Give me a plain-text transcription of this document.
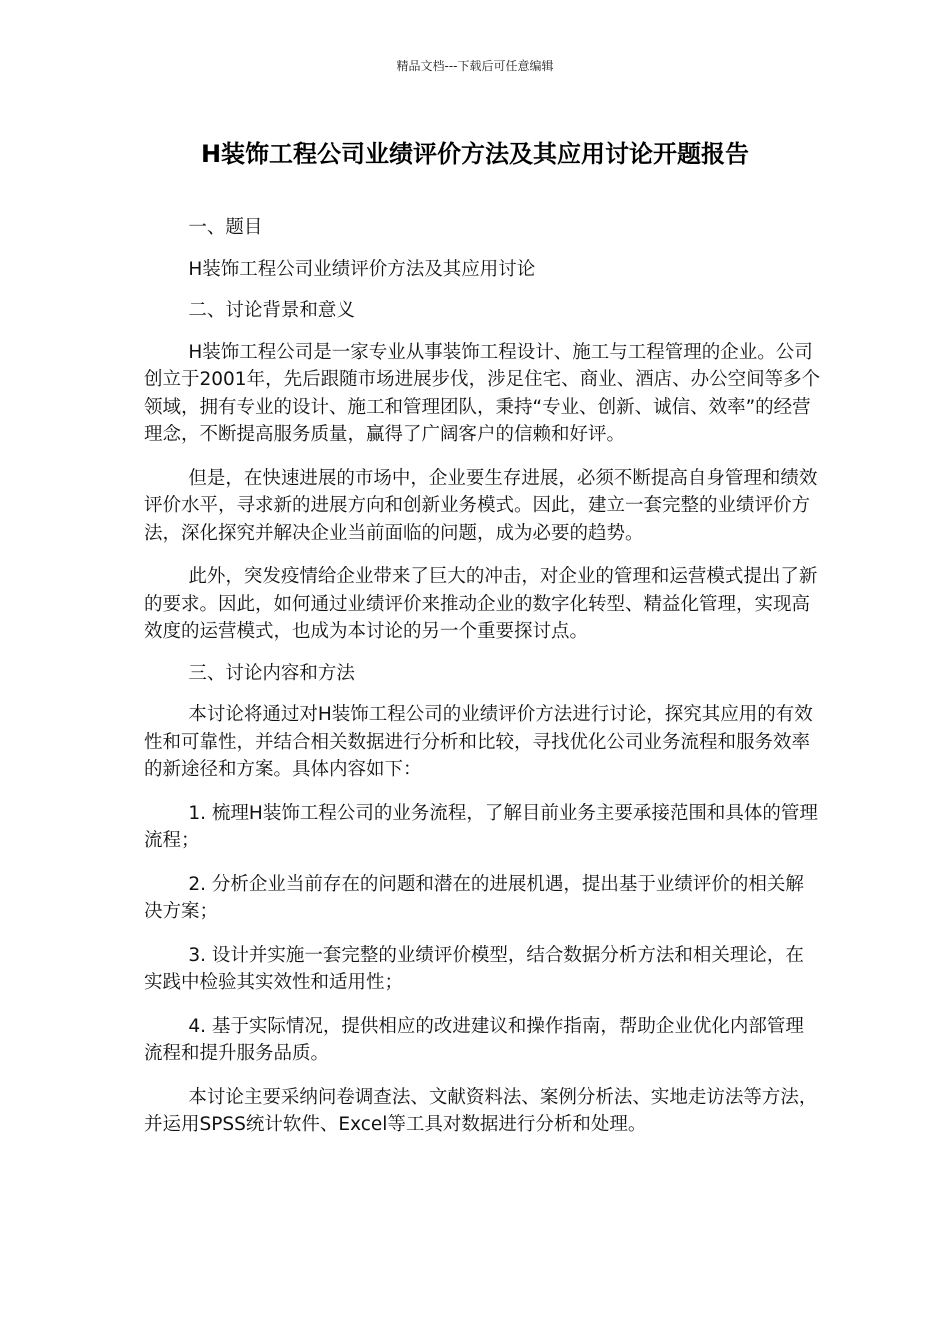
精品文档---下载后可任意编辑
H装饰工程公司业绩评价方法及其应用讨论开题报告

一、题目

H装饰工程公司业绩评价方法及其应用讨论

二、讨论背景和意义

H装饰工程公司是一家专业从事装饰工程设计、施工与工程管理的企业。公司创立于2001年，先后跟随市场进展步伐，涉足住宅、商业、酒店、办公空间等多个领域，拥有专业的设计、施工和管理团队，秉持“专业、创新、诚信、效率”的经营理念，不断提高服务质量，赢得了广阔客户的信赖和好评。

但是，在快速进展的市场中，企业要生存进展，必须不断提高自身管理和绩效评价水平，寻求新的进展方向和创新业务模式。因此，建立一套完整的业绩评价方法，深化探究并解决企业当前面临的问题，成为必要的趋势。

此外，突发疫情给企业带来了巨大的冲击，对企业的管理和运营模式提出了新的要求。因此，如何通过业绩评价来推动企业的数字化转型、精益化管理，实现高效度的运营模式，也成为本讨论的另一个重要探讨点。

三、讨论内容和方法

本讨论将通过对H装饰工程公司的业绩评价方法进行讨论，探究其应用的有效性和可靠性，并结合相关数据进行分析和比较，寻找优化公司业务流程和服务效率的新途径和方案。具体内容如下：

1. 梳理H装饰工程公司的业务流程，了解目前业务主要承接范围和具体的管理流程；

2. 分析企业当前存在的问题和潜在的进展机遇，提出基于业绩评价的相关解决方案；

3. 设计并实施一套完整的业绩评价模型，结合数据分析方法和相关理论，在实践中检验其实效性和适用性；

4. 基于实际情况，提供相应的改进建议和操作指南，帮助企业优化内部管理流程和提升服务品质。

本讨论主要采纳问卷调查法、文献资料法、案例分析法、实地走访法等方法，并运用SPSS统计软件、Excel等工具对数据进行分析和处理。
